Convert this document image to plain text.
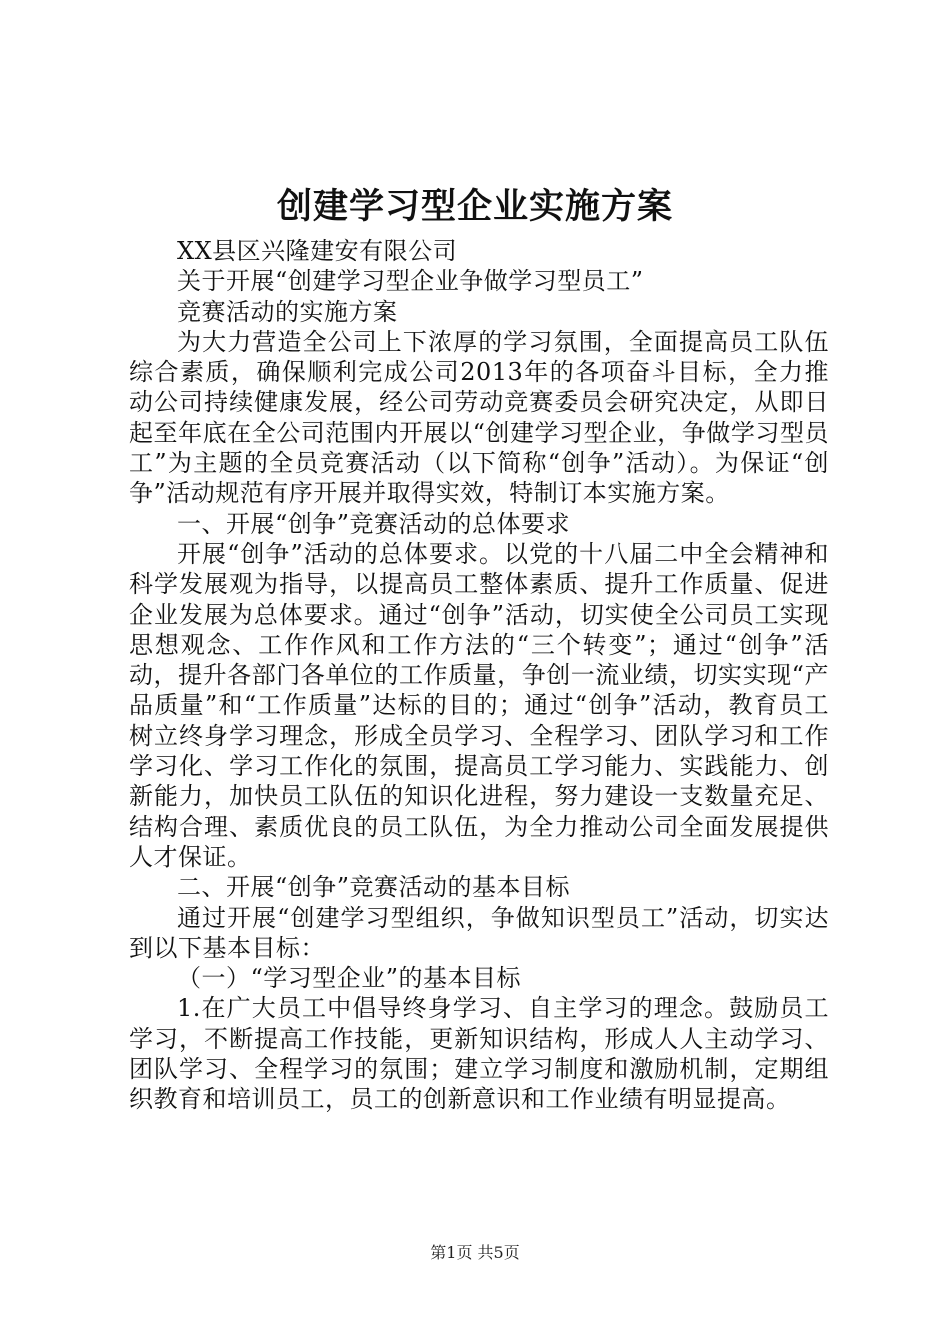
创建学习型企业实施方案

XX县区兴隆建安有限公司

关于开展“创建学习型企业争做学习型员工”

竞赛活动的实施方案

为大力营造全公司上下浓厚的学习氛围，全面提高员工队伍综合素质，确保顺利完成公司2013年的各项奋斗目标，全力推动公司持续健康发展，经公司劳动竞赛委员会研究决定，从即日起至年底在全公司范围内开展以“创建学习型企业，争做学习型员工”为主题的全员竞赛活动（以下简称“创争”活动）。为保证“创争”活动规范有序开展并取得实效，特制订本实施方案。

一、开展“创争”竞赛活动的总体要求

开展“创争”活动的总体要求。以党的十八届二中全会精神和科学发展观为指导，以提高员工整体素质、提升工作质量、促进企业发展为总体要求。通过“创争”活动，切实使全公司员工实现思想观念、工作作风和工作方法的“三个转变”；通过“创争”活动，提升各部门各单位的工作质量，争创一流业绩，切实实现“产品质量”和“工作质量”达标的目的；通过“创争”活动，教育员工树立终身学习理念，形成全员学习、全程学习、团队学习和工作学习化、学习工作化的氛围，提高员工学习能力、实践能力、创新能力，加快员工队伍的知识化进程，努力建设一支数量充足、结构合理、素质优良的员工队伍，为全力推动公司全面发展提供人才保证。

二、开展“创争”竞赛活动的基本目标

通过开展“创建学习型组织，争做知识型员工”活动，切实达到以下基本目标：

（一）“学习型企业”的基本目标

1.在广大员工中倡导终身学习、自主学习的理念。鼓励员工学习，不断提高工作技能，更新知识结构，形成人人主动学习、团队学习、全程学习的氛围；建立学习制度和激励机制，定期组织教育和培训员工，员工的创新意识和工作业绩有明显提高。

第1页 共5页
